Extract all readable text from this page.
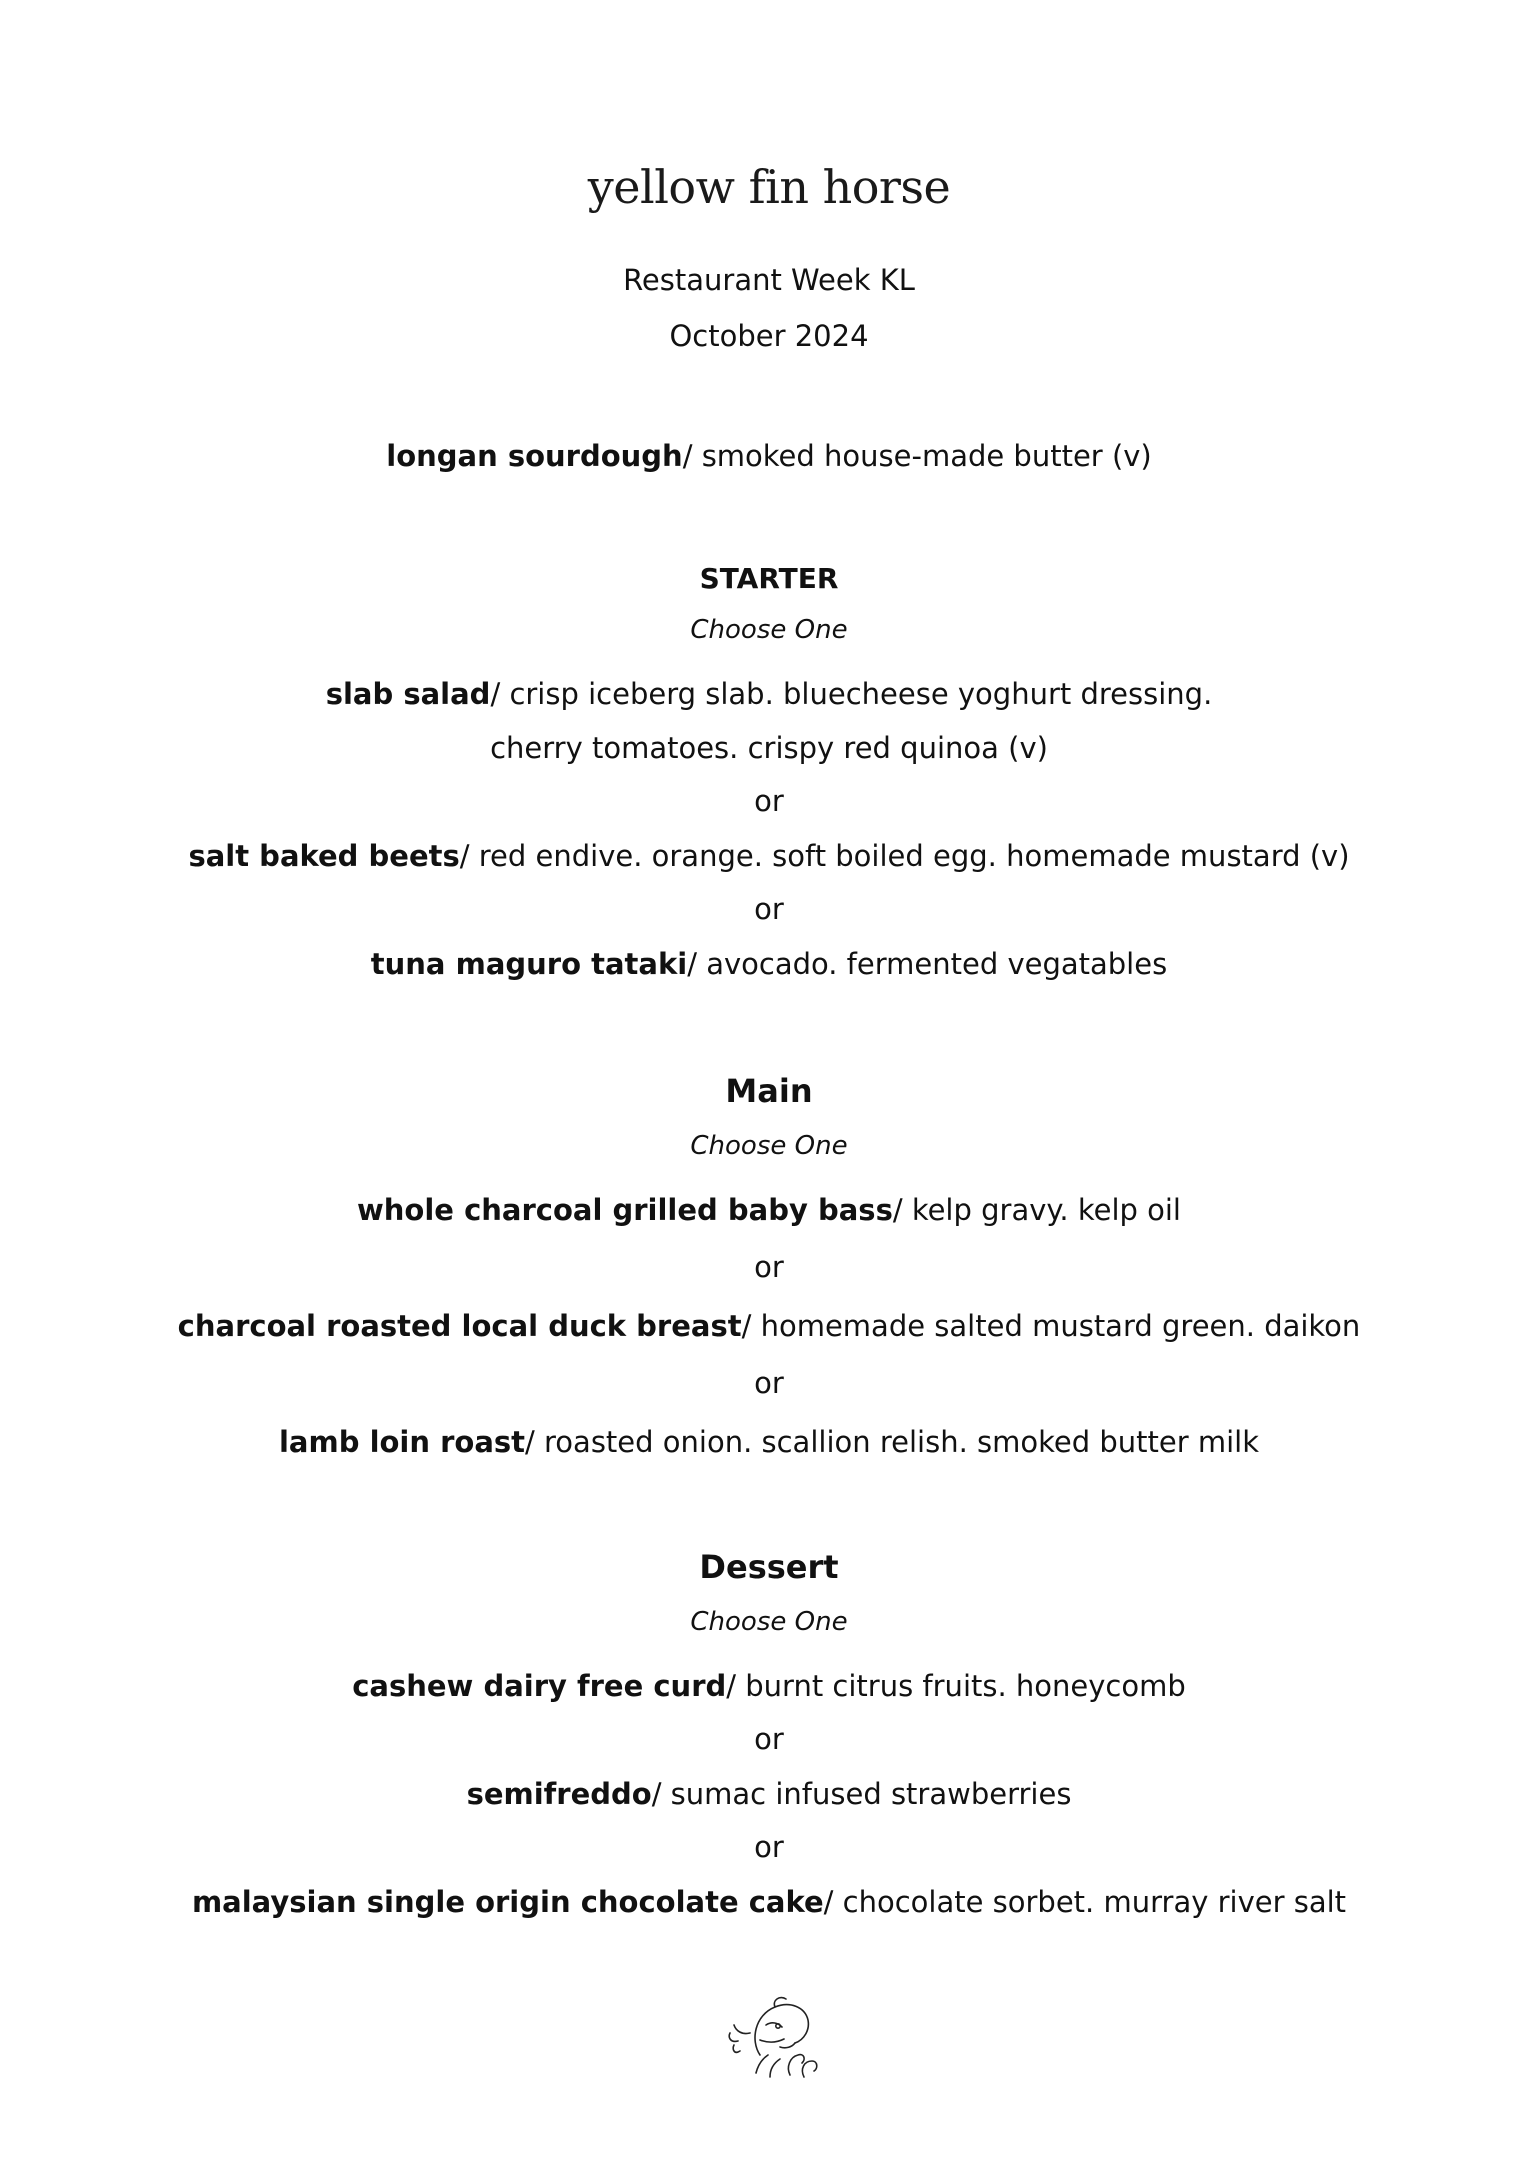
yellow fin horse
Restaurant Week KL
October 2024
longan sourdough/ smoked house-made butter (v)
STARTER
Choose One
slab salad/ crisp iceberg slab. bluecheese yoghurt dressing.
cherry tomatoes. crispy red quinoa (v)
or
salt baked beets/ red endive. orange. soft boiled egg. homemade mustard (v)
or
tuna maguro tataki/ avocado. fermented vegatables
Main
Choose One
whole charcoal grilled baby bass/ kelp gravy. kelp oil
or
charcoal roasted local duck breast/ homemade salted mustard green. daikon
or
lamb loin roast/ roasted onion. scallion relish. smoked butter milk
Dessert
Choose One
cashew dairy free curd/ burnt citrus fruits. honeycomb
or
semifreddo/ sumac infused strawberries
or
malaysian single origin chocolate cake/ chocolate sorbet. murray river salt
